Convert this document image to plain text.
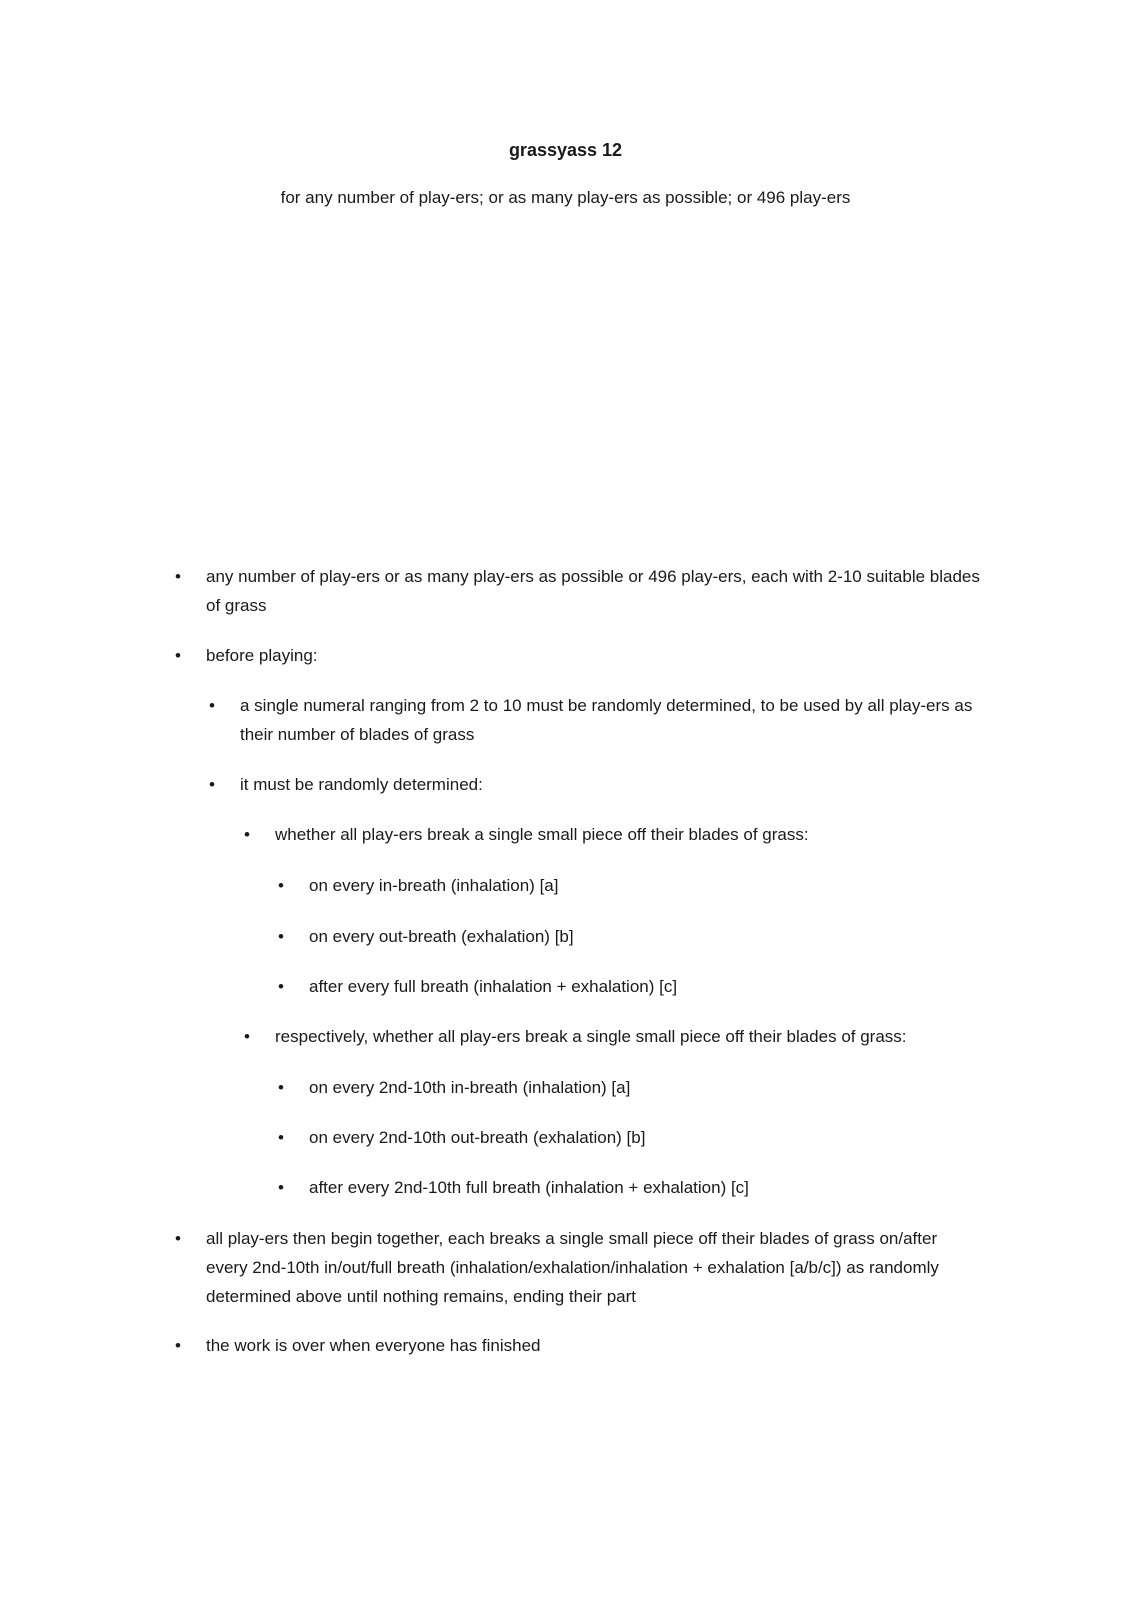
grassyass 12
for any number of play-ers; or as many play-ers as possible; or 496 play-ers
• any number of play-ers or as many play-ers as possible or 496 play-ers, each with 2-10 suitable blades of grass
• before playing:
• a single numeral ranging from 2 to 10 must be randomly determined, to be used by all play-ers as their number of blades of grass
• it must be randomly determined:
• whether all play-ers break a single small piece off their blades of grass:
• on every in-breath (inhalation) [a]
• on every out-breath (exhalation) [b]
• after every full breath (inhalation + exhalation) [c]
• respectively, whether all play-ers break a single small piece off their blades of grass:
• on every 2nd-10th in-breath (inhalation) [a]
• on every 2nd-10th out-breath (exhalation) [b]
• after every 2nd-10th full breath (inhalation + exhalation) [c]
• all play-ers then begin together, each breaks a single small piece off their blades of grass on/after every 2nd-10th in/out/full breath (inhalation/exhalation/inhalation + exhalation [a/b/c]) as randomly determined above until nothing remains, ending their part
• the work is over when everyone has finished
